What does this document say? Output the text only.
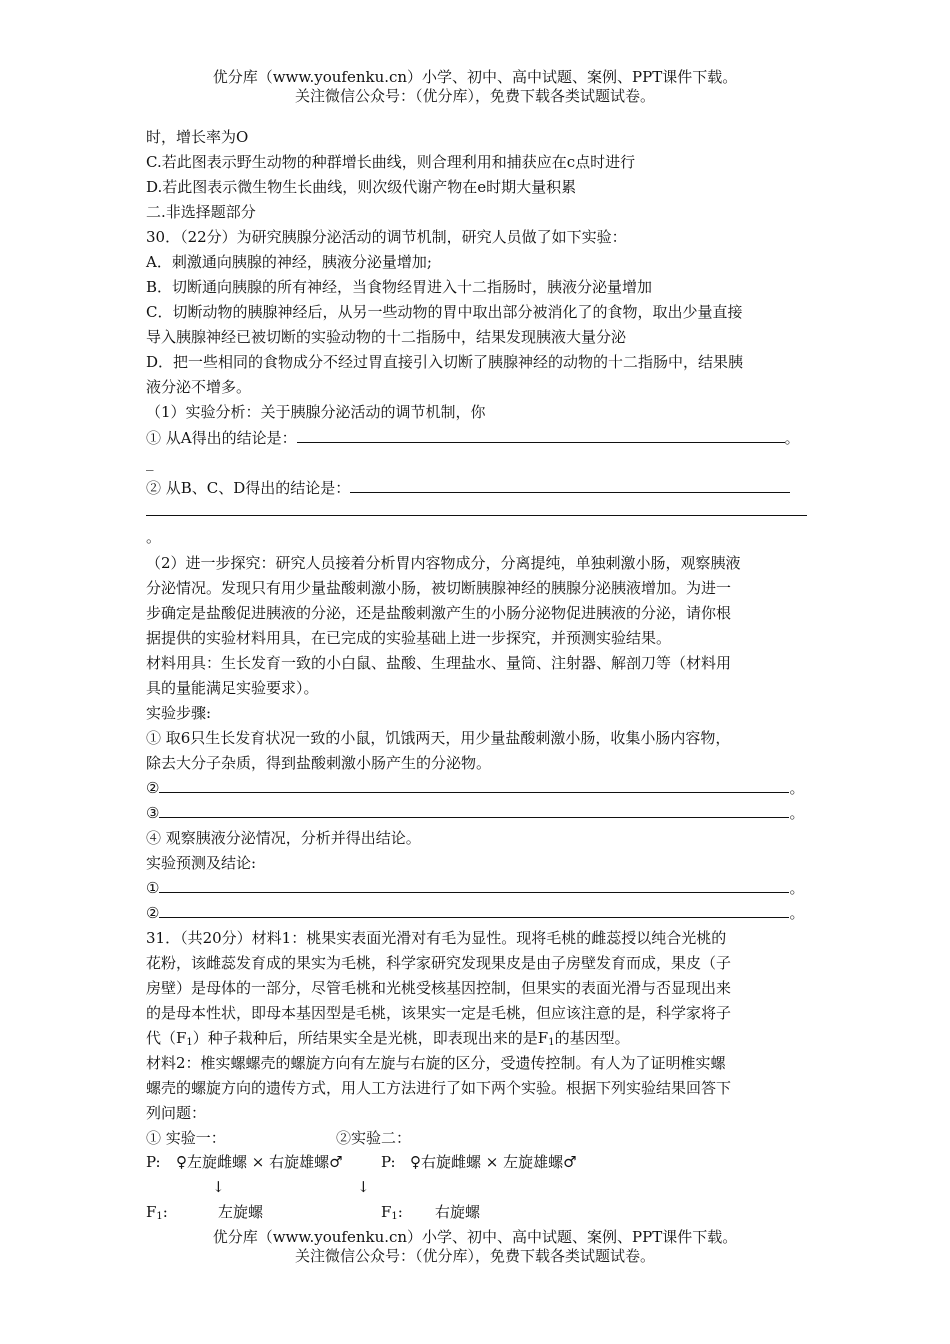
优分库（www.youfenku.cn）小学、初中、高中试题、案例、PPT课件下载。
关注微信公众号：（优分库），免费下载各类试题试卷。
时，增长率为O
C.若此图表示野生动物的种群增长曲线，则合理利用和捕获应在c点时进行
D.若此图表示微生物生长曲线，则次级代谢产物在e时期大量积累
二.非选择题部分
30．（22分）为研究胰腺分泌活动的调节机制，研究人员做了如下实验：
A．刺激通向胰腺的神经，胰液分泌量增加;
B．切断通向胰腺的所有神经，当食物经胃进入十二指肠时，胰液分泌量增加
C．切断动物的胰腺神经后，从另一些动物的胃中取出部分被消化了的食物，取出少量直接
导入胰腺神经已被切断的实验动物的十二指肠中，结果发现胰液大量分泌
D．把一些相同的食物成分不经过胃直接引入切断了胰腺神经的动物的十二指肠中，结果胰
液分泌不增多。
（1）实验分析：关于胰腺分泌活动的调节机制，你
① 从A得出的结论是：	。
_
② 从B、C、D得出的结论是：
。
（2）进一步探究：研究人员接着分析胃内容物成分，分离提纯，单独刺激小肠，观察胰液
分泌情况。发现只有用少量盐酸刺激小肠，被切断胰腺神经的胰腺分泌胰液增加。为进一
步确定是盐酸促进胰液的分泌，还是盐酸刺激产生的小肠分泌物促进胰液的分泌，请你根
据提供的实验材料用具，在已完成的实验基础上进一步探究，并预测实验结果。
材料用具：生长发育一致的小白鼠、盐酸、生理盐水、量筒、注射器、解剖刀等（材料用
具的量能满足实验要求）。
实验步骤:
① 取6只生长发育状况一致的小鼠，饥饿两天，用少量盐酸刺激小肠，收集小肠内容物，
除去大分子杂质，得到盐酸刺激小肠产生的分泌物。
②	。
③	。
④ 观察胰液分泌情况，分析并得出结论。
实验预测及结论:
①	。
②	。
31．（共20分）材料1：桃果实表面光滑对有毛为显性。现将毛桃的雌蕊授以纯合光桃的
花粉，该雌蕊发育成的果实为毛桃，科学家研究发现果皮是由子房壁发育而成，果皮（子
房壁）是母体的一部分，尽管毛桃和光桃受核基因控制，但果实的表面光滑与否显现出来
的是母本性状，即母本基因型是毛桃，该果实一定是毛桃，但应该注意的是，科学家将子
代$(F_1)$种子栽种后，所结果实全是光桃，即表现出来的是$F_1$的基因型。
材料2：椎实螺螺壳的螺旋方向有左旋与右旋的区分，受遗传控制。有人为了证明椎实螺
螺壳的螺旋方向的遗传方式，用人工方法进行了如下两个实验。根据下列实验结果回答下
列问题：
① 实验一：	②实验二：
P: ♀左旋雌螺 × 右旋雄螺♂	P: ♀右旋雌螺 × 左旋雄螺♂
↓	↓
$F_1$:	左旋螺	$F_1$: 右旋螺
优分库（www.youfenku.cn）小学、初中、高中试题、案例、PPT课件下载。
关注微信公众号：（优分库），免费下载各类试题试卷。
